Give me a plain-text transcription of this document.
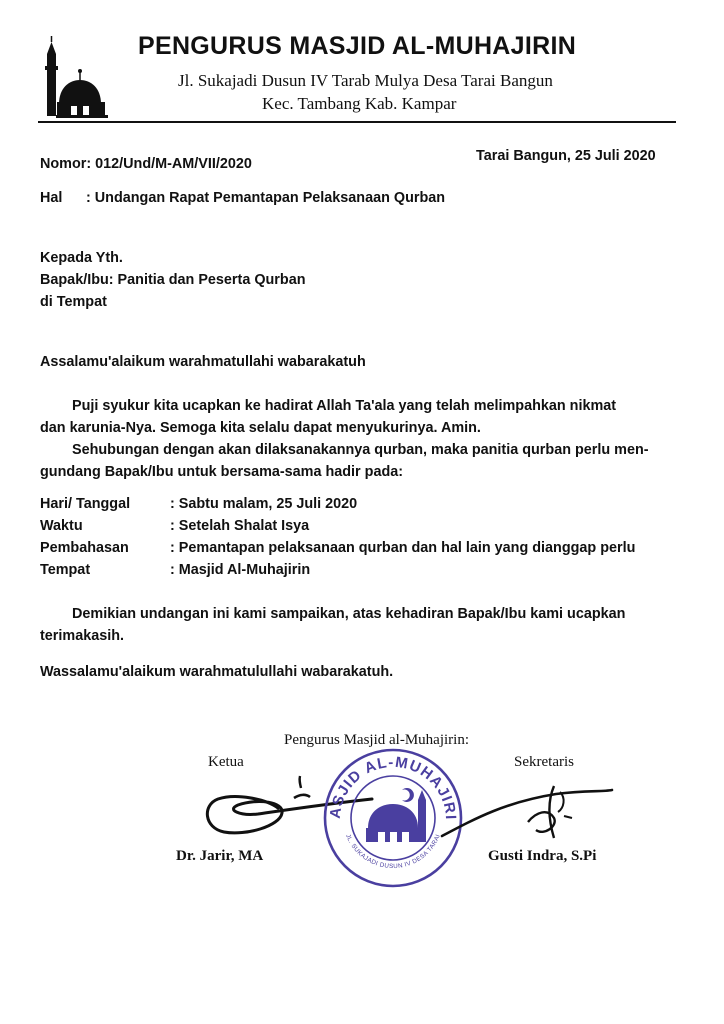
PENGURUS MASJID AL-MUHAJIRIN
Jl. Sukajadi Dusun IV Tarab Mulya Desa Tarai Bangun
Kec. Tambang Kab. Kampar
Tarai Bangun, 25 Juli 2020
Nomor: 012/Und/M-AM/VII/2020
Hal : Undangan Rapat Pemantapan Pelaksanaan Qurban
Kepada Yth.
Bapak/Ibu: Panitia dan Peserta Qurban
di Tempat
Assalamu'alaikum warahmatullahi wabarakatuh
Puji syukur kita ucapkan ke hadirat Allah Ta'ala yang telah melimpahkan nikmat
dan karunia-Nya. Semoga kita selalu dapat menyukurinya. Amin.
Sehubungan dengan akan dilaksanakannya qurban, maka panitia qurban perlu men-
gundang Bapak/Ibu untuk bersama-sama hadir pada:
Hari/ Tanggal	: Sabtu malam, 25 Juli 2020
Waktu	: Setelah Shalat Isya
Pembahasan	: Pemantapan pelaksanaan qurban dan hal lain yang dianggap perlu
Tempat	: Masjid Al-Muhajirin
Demikian undangan ini kami sampaikan, atas kehadiran Bapak/Ibu kami ucapkan
terimakasih.
Wassalamu'alaikum warahmatulullahi wabarakatuh.
Pengurus Masjid al-Muhajirin:
Ketua	Sekretaris
ASJID AL-MUHAJIRI
JL. SUKAJADI DUSUN IV DESA TARAI
Dr. Jarir, MA	Gusti Indra, S.Pi
